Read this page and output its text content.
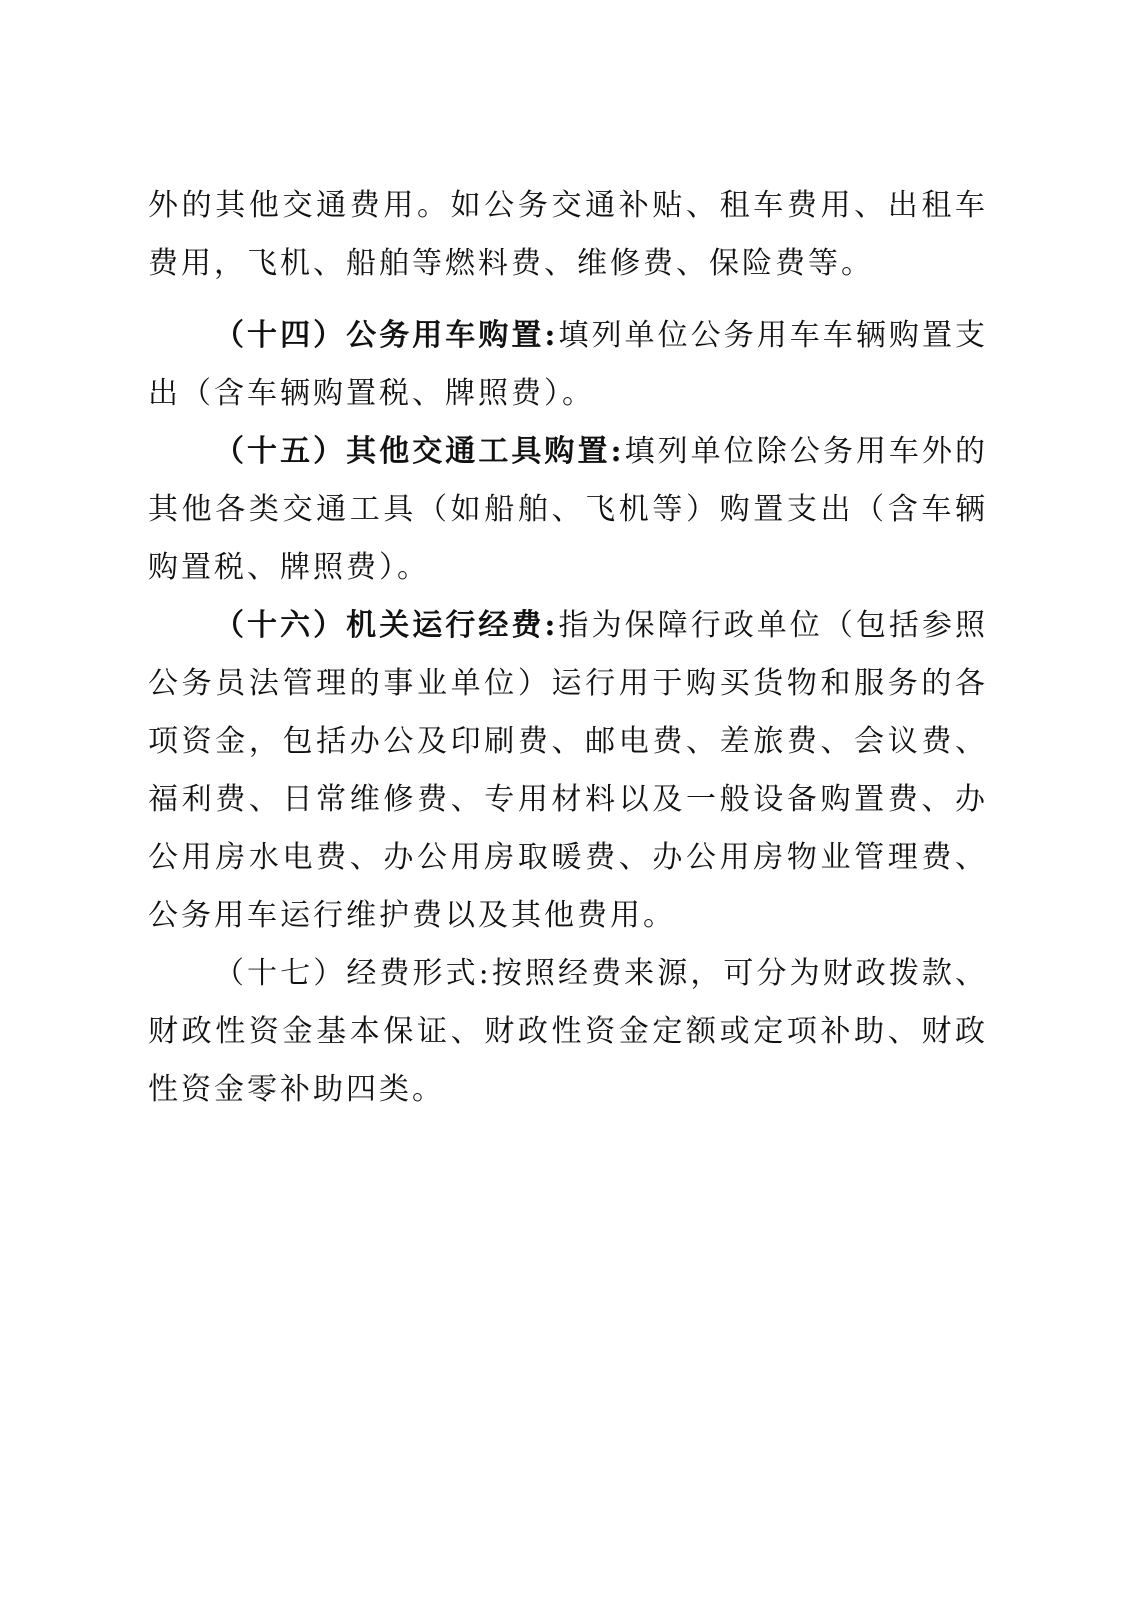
外的其他交通费用。如公务交通补贴、租车费用、出租车费用，飞机、船舶等燃料费、维修费、保险费等。

（十四）公务用车购置:填列单位公务用车车辆购置支出（含车辆购置税、牌照费）。

（十五）其他交通工具购置:填列单位除公务用车外的其他各类交通工具（如船舶、飞机等）购置支出（含车辆购置税、牌照费）。

（十六）机关运行经费:指为保障行政单位（包括参照公务员法管理的事业单位）运行用于购买货物和服务的各项资金，包括办公及印刷费、邮电费、差旅费、会议费、福利费、日常维修费、专用材料以及一般设备购置费、办公用房水电费、办公用房取暖费、办公用房物业管理费、公务用车运行维护费以及其他费用。

（十七）经费形式:按照经费来源，可分为财政拨款、财政性资金基本保证、财政性资金定额或定项补助、财政性资金零补助四类。
